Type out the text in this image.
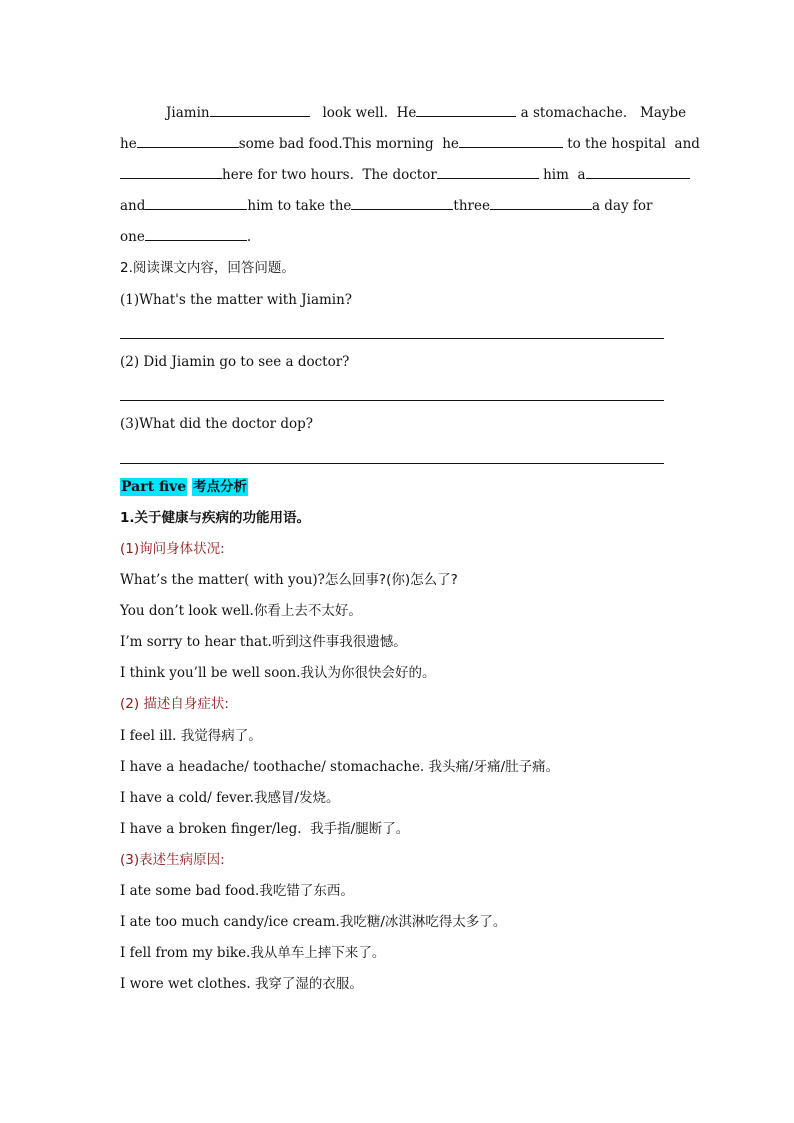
Jiamin	look well. He	a stomachache. Maybe
he	some bad food.This morning he	to the hospital and
here for two hours. The doctor	him a
and	him to take the	three	a day for
one	.
2.阅读课文内容，回答问题。
(1)What's the matter with Jiamin?
(2) Did Jiamin go to see a doctor?
(3)What did the doctor dop?
Part five 考点分析
1.关于健康与疾病的功能用语。
(1)询问身体状况:
What’s the matter( with you)?怎么回事?(你)怎么了?
You don’t look well.你看上去不太好。
I’m sorry to hear that.听到这件事我很遗憾。
I think you’ll be well soon.我认为你很快会好的。
(2) 描述自身症状:
I feel ill. 我觉得病了。
I have a headache/ toothache/ stomachache. 我头痛/牙痛/肚子痛。
I have a cold/ fever.我感冒/发烧。
I have a broken finger/leg. 我手指/腿断了。
(3)表述生病原因:
I ate some bad food.我吃错了东西。
I ate too much candy/ice cream.我吃糖/冰淇淋吃得太多了。
I fell from my bike.我从单车上摔下来了。
I wore wet clothes. 我穿了湿的衣服。
